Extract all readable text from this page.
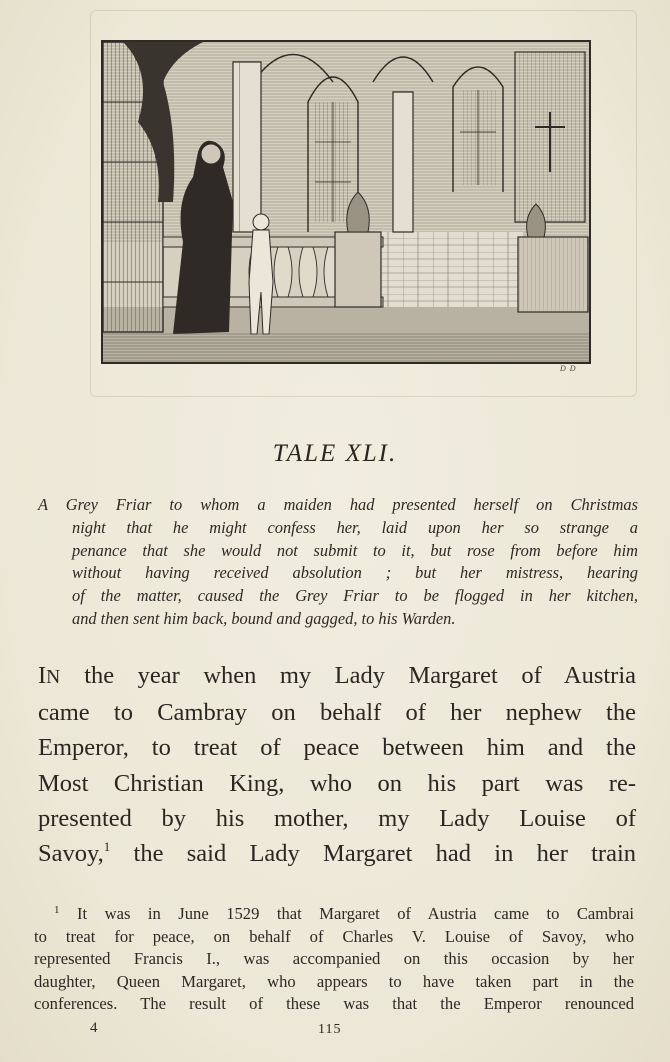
D D
TALE XLI.
A Grey Friar to whom a maiden had presented herself on Christmas
night that he might confess her, laid upon her so strange a
penance that she would not submit to it, but rose from before him
without having received absolution ; but her mistress, hearing
of the matter, caused the Grey Friar to be flogged in her kitchen,
and then sent him back, bound and gagged, to his Warden.
IN the year when my Lady Margaret of Austria
came to Cambray on behalf of her nephew the
Emperor, to treat of peace between him and the
Most Christian King, who on his part was re-
presented by his mother, my Lady Louise of
Savoy,$^1$ the said Lady Margaret had in her train
$^1$ It was in June 1529 that Margaret of Austria came to Cambrai
to treat for peace, on behalf of Charles V. Louise of Savoy, who
represented Francis I., was accompanied on this occasion by her
daughter, Queen Margaret, who appears to have taken part in the
conferences. The result of these was that the Emperor renounced
4	115
